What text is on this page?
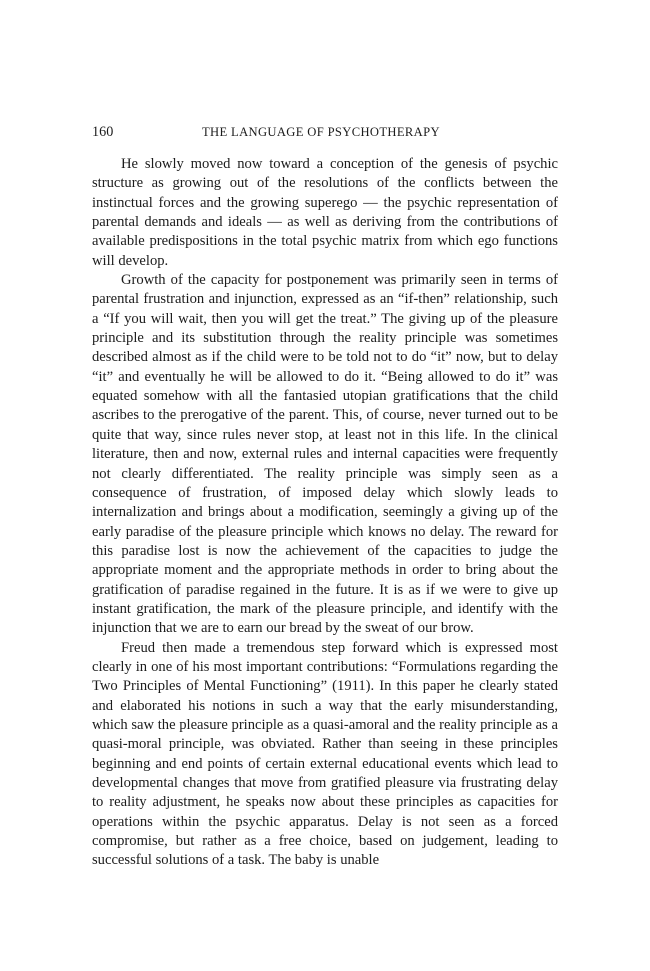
160	THE LANGUAGE OF PSYCHOTHERAPY

He slowly moved now toward a conception of the genesis of psychic structure as growing out of the resolutions of the conflicts between the instinctual forces and the growing superego — the psychic representation of parental demands and ideals — as well as deriving from the contributions of available predispositions in the total psychic matrix from which ego functions will develop.

Growth of the capacity for postponement was primarily seen in terms of parental frustration and injunction, expressed as an “if-then” relationship, such a “If you will wait, then you will get the treat.” The giving up of the pleasure principle and its substitution through the reality principle was sometimes described almost as if the child were to be told not to do “it” now, but to delay “it” and eventually he will be allowed to do it. “Being allowed to do it” was equated somehow with all the fantasied utopian gratifications that the child ascribes to the prerogative of the parent. This, of course, never turned out to be quite that way, since rules never stop, at least not in this life. In the clinical literature, then and now, external rules and internal capacities were frequently not clearly differentiated. The reality principle was simply seen as a consequence of frustration, of imposed delay which slowly leads to internalization and brings about a modification, seemingly a giving up of the early paradise of the pleasure principle which knows no delay. The reward for this paradise lost is now the achievement of the capacities to judge the appropriate moment and the appropriate methods in order to bring about the gratification of paradise regained in the future. It is as if we were to give up instant gratification, the mark of the pleasure principle, and identify with the injunction that we are to earn our bread by the sweat of our brow.

Freud then made a tremendous step forward which is expressed most clearly in one of his most important contributions: “Formulations regarding the Two Principles of Mental Functioning” (1911). In this paper he clearly stated and elaborated his notions in such a way that the early misunderstanding, which saw the pleasure principle as a quasi-amoral and the reality principle as a quasi-moral principle, was obviated. Rather than seeing in these principles beginning and end points of certain external educational events which lead to developmental changes that move from gratified pleasure via frustrating delay to reality adjustment, he speaks now about these principles as capacities for operations within the psychic apparatus. Delay is not seen as a forced compromise, but rather as a free choice, based on judgement, leading to successful solutions of a task. The baby is unable
